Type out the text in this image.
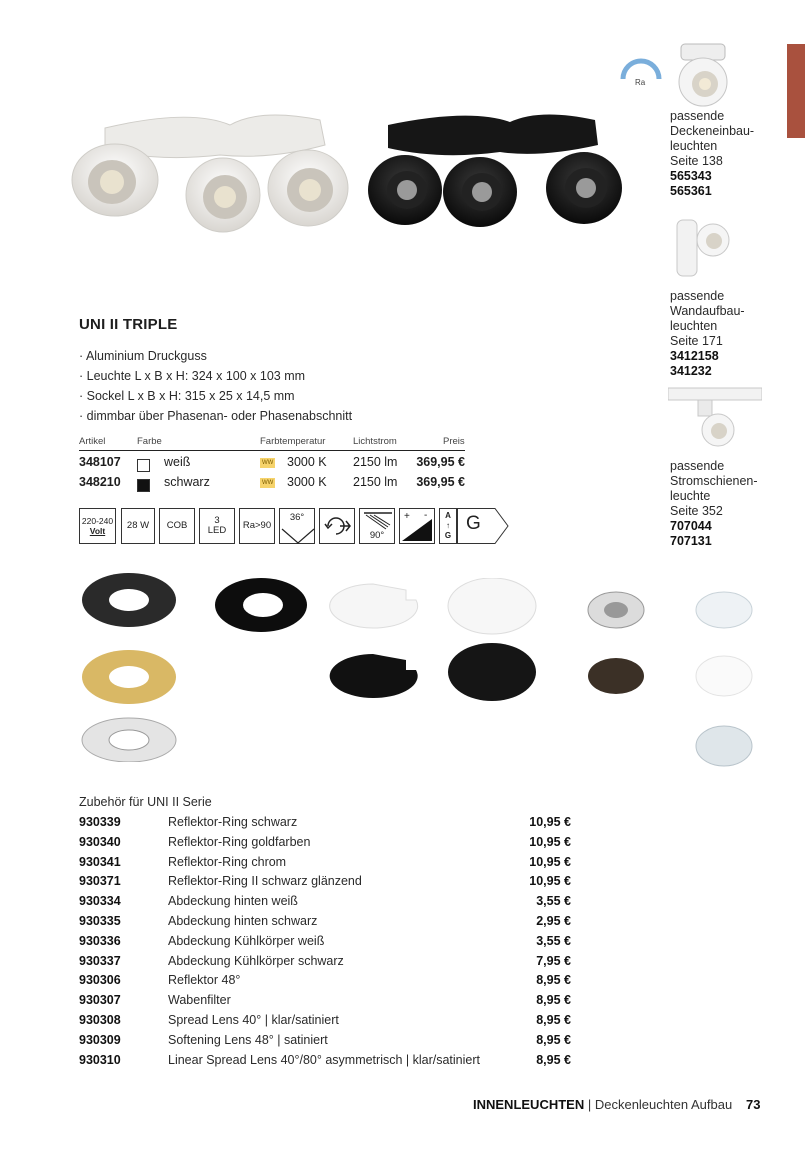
Ra
passende
Deckeneinbau-
leuchten
Seite 138
565343
565361
passende
Wandaufbau-
leuchten
Seite 171
3412158
341232
passende
Stromschienen-
leuchte
Seite 352
707044
707131
UNI II TRIPLE
· Aluminium Druckguss
· Leuchte L x B x H: 324 x 100 x 103 mm
· Sockel L x B x H: 315 x 25 x 14,5 mm
· dimmbar über Phasenan- oder Phasenabschnitt
Artikel	Farbe	Farbtemperatur	Lichtstrom	Preis
348107	weiß	WW 3000 K 2150 lm 369,95 €
348210	schwarz	WW 3000 K 2150 lm 369,95 €
220-240
Volt	28 W	COB	3
LED	Ra>90
36°
90°
+ - A
↑
G
G
Zubehör für UNI II Serie
930339	Reflektor-Ring schwarz	10,95 €
930340	Reflektor-Ring goldfarben	10,95 €
930341	Reflektor-Ring chrom	10,95 €
930371	Reflektor-Ring II schwarz glänzend	10,95 €
930334	Abdeckung hinten weiß	3,55 €
930335	Abdeckung hinten schwarz	2,95 €
930336	Abdeckung Kühlkörper weiß	3,55 €
930337	Abdeckung Kühlkörper schwarz	7,95 €
930306	Reflektor 48°	8,95 €
930307	Wabenfilter	8,95 €
930308	Spread Lens 40° | klar/satiniert	8,95 €
930309	Softening Lens 48° | satiniert	8,95 €
930310	Linear Spread Lens 40°/80° asymmetrisch | klar/satiniert	8,95 €
INNENLEUCHTEN | Deckenleuchten Aufbau 73
